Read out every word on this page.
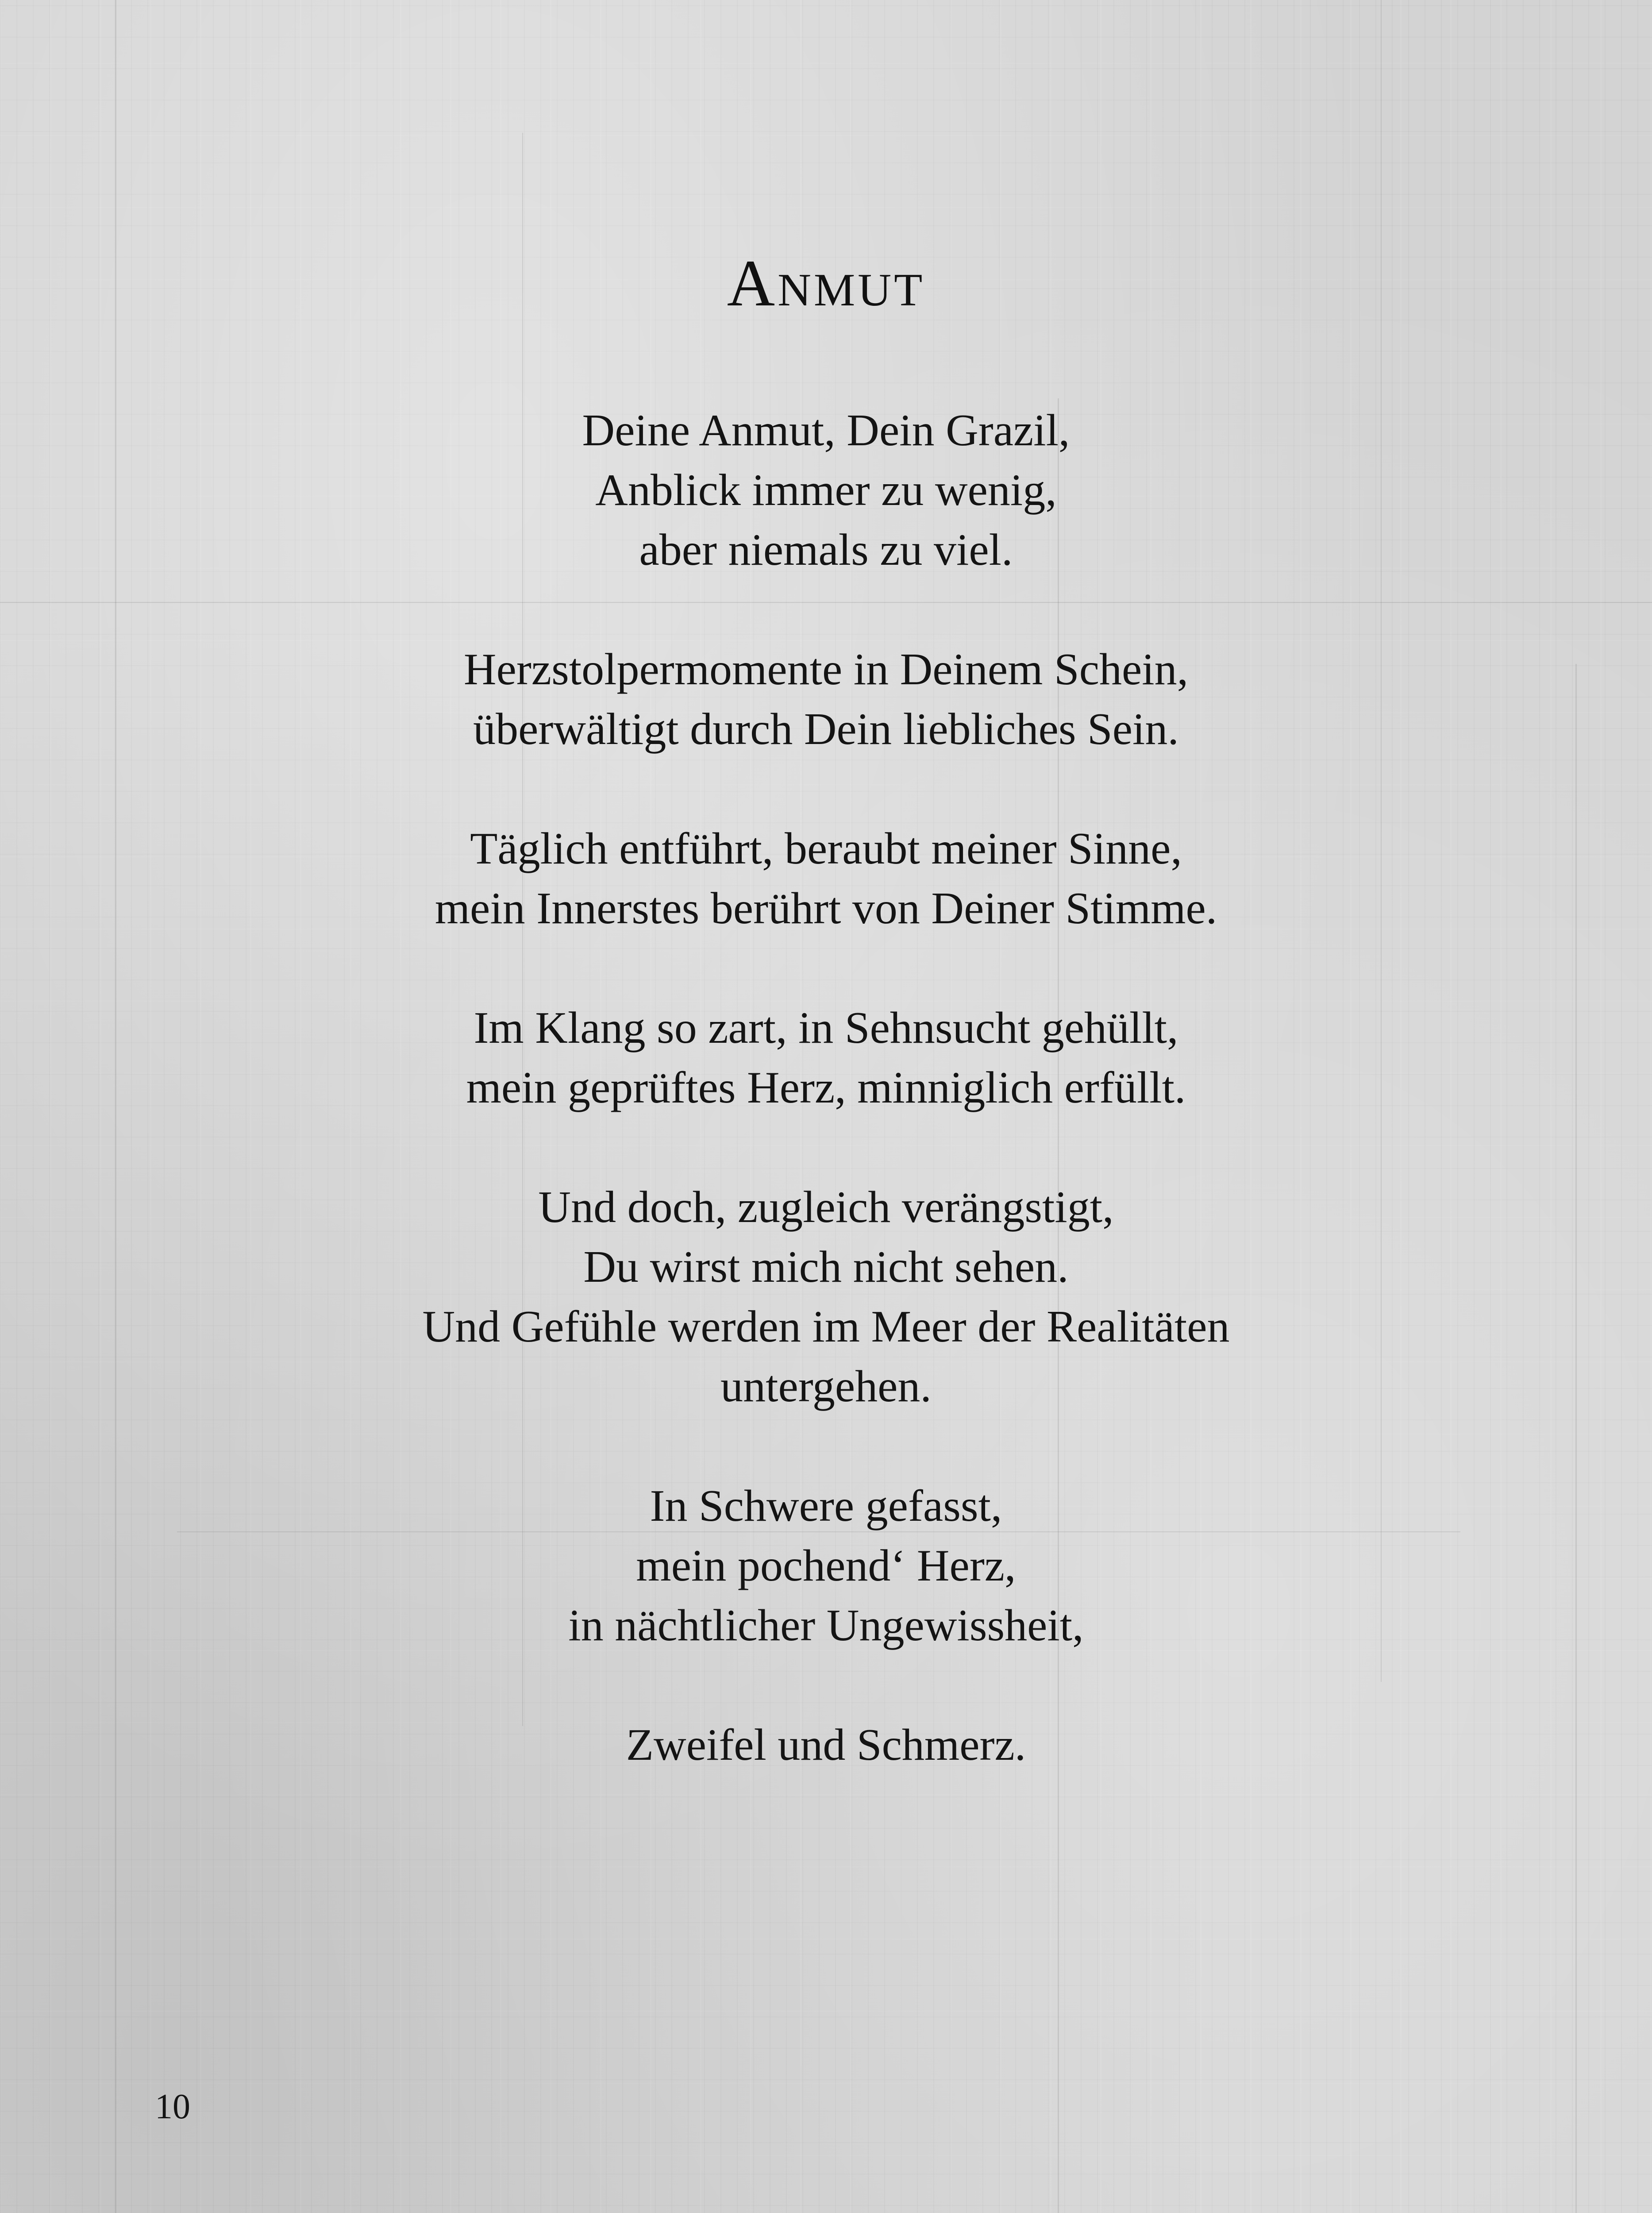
Anmut
Deine Anmut, Dein Grazil,
Anblick immer zu wenig,
aber niemals zu viel.
Herzstolpermomente in Deinem Schein,
überwältigt durch Dein liebliches Sein.
Täglich entführt, beraubt meiner Sinne,
mein Innerstes berührt von Deiner Stimme.
Im Klang so zart, in Sehnsucht gehüllt,
mein geprüftes Herz, minniglich erfüllt.
Und doch, zugleich verängstigt,
Du wirst mich nicht sehen.
Und Gefühle werden im Meer der Realitäten
untergehen.
In Schwere gefasst,
mein pochend‘ Herz,
in nächtlicher Ungewissheit,
Zweifel und Schmerz.
10
